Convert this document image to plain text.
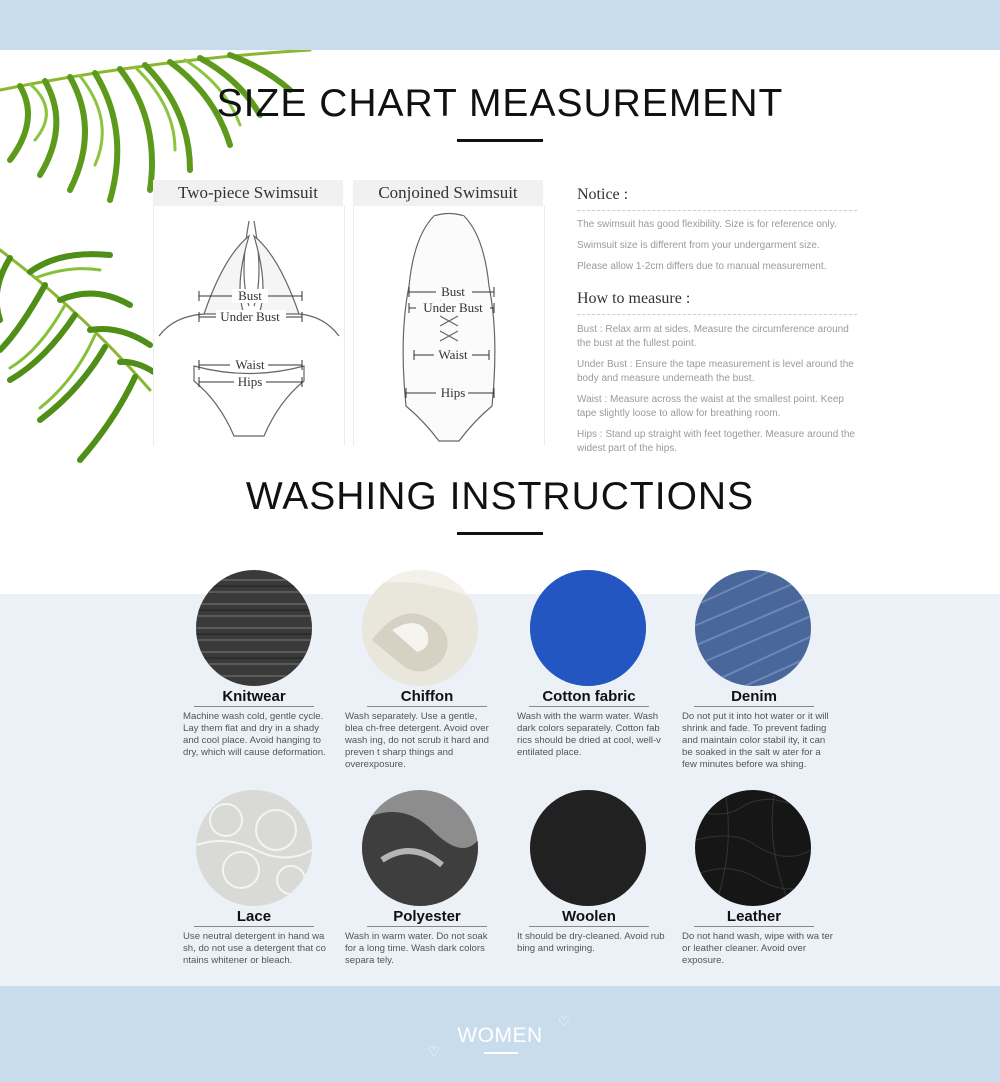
SIZE CHART MEASUREMENT
Two-piece Swimsuit
Bust
Under Bust
Waist
Hips
Conjoined Swimsuit
Bust
Under Bust
Waist
Hips
Notice :

The swimsuit has good flexibility. Size is for reference only.

Swimsuit size is different from your undergarment size.

Please allow 1-2cm differs due to manual measurement.

How to measure :

Bust : Relax arm at sides. Measure the circumference around the bust at the fullest point.

Under Bust : Ensure the tape measurement is level around the body and measure underneath the bust.

Waist : Measure across the waist at the smallest point. Keep tape slightly loose to allow for breathing room.

Hips : Stand up straight with feet together. Measure around the widest part of the hips.

WASHING INSTRUCTIONS

Knitwear

Machine wash cold, gentle cycle. Lay them flat and dry in a shady and cool place. Avoid hanging to dry, which will cause deformation.

Chiffon

Wash separately. Use a gentle, blea ch-free detergent. Avoid over wash ing, do not scrub it hard and preven t sharp things and overexposure.

Cotton fabric

Wash with the warm water. Wash dark colors separately. Cotton fab rics should be dried at cool, well-v entilated place.

Denim

Do not put it into hot water or it will shrink and fade. To prevent fading and maintain color stabil ity, it can be soaked in the salt w ater for a few minutes before wa shing.

Lace

Use neutral detergent in hand wa sh, do not use a detergent that co ntains whitener or bleach.

Polyester

Wash in warm water. Do not soak for a long time. Wash dark colors separa tely.

Woolen

It should be dry-cleaned. Avoid rub bing and wringing.

Leather

Do not hand wash, wipe with wa ter or leather cleaner. Avoid over exposure.

♡
♡

WOMEN
